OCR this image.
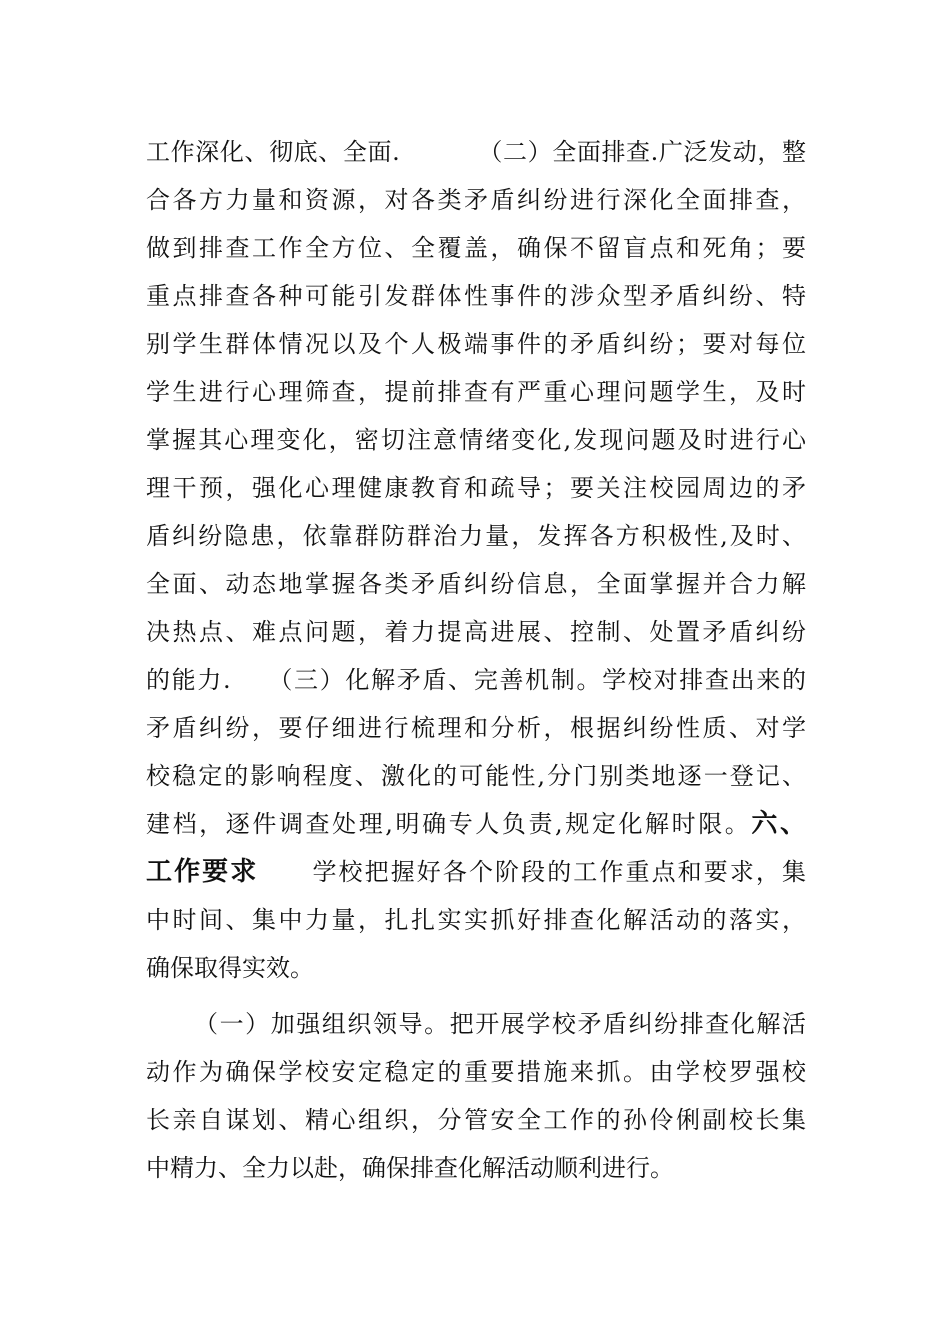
工作深化、彻底、全面.	（二）全面排查.广泛发动，整
合各方力量和资源，对各类矛盾纠纷进行深化全面排查，
做到排查工作全方位、全覆盖，确保不留盲点和死角；要
重点排查各种可能引发群体性事件的涉众型矛盾纠纷、特
别学生群体情况以及个人极端事件的矛盾纠纷；要对每位
学生进行心理筛查，提前排查有严重心理问题学生，及时
掌握其心理变化，密切注意情绪变化,发现问题及时进行心
理干预，强化心理健康教育和疏导；要关注校园周边的矛
盾纠纷隐患，依靠群防群治力量，发挥各方积极性,及时、
全面、动态地掌握各类矛盾纠纷信息，全面掌握并合力解
决热点、难点问题，着力提高进展、控制、处置矛盾纠纷
的能力. （三）化解矛盾、完善机制。学校对排查出来的
矛盾纠纷，要仔细进行梳理和分析，根据纠纷性质、对学
校稳定的影响程度、激化的可能性,分门别类地逐一登记、
建档，逐件调查处理,明确专人负责,规定化解时限。六、
工作要求 学校把握好各个阶段的工作重点和要求，集
中时间、集中力量，扎扎实实抓好排查化解活动的落实，
确保取得实效。
（一）加强组织领导。把开展学校矛盾纠纷排查化解活
动作为确保学校安定稳定的重要措施来抓。由学校罗强校
长亲自谋划、精心组织，分管安全工作的孙伶俐副校长集
中精力、全力以赴，确保排查化解活动顺利进行。
